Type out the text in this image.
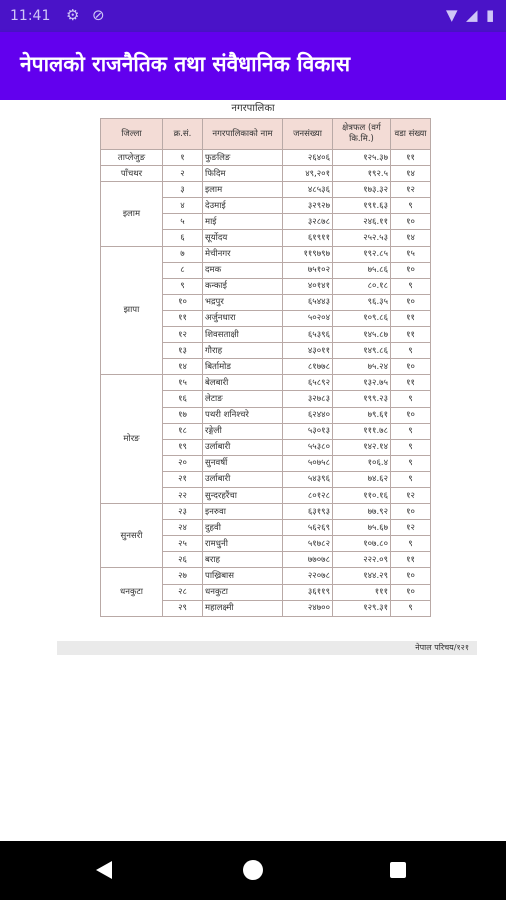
11:41 ⚙ ⊘	▼ ◢ ▮
नेपालको राजनैतिक तथा संवैधानिक विकास
नगरपालिका
जिल्ला	क्र.सं.	नगरपालिकाको नाम	जनसंख्या	क्षेत्रफल (वर्ग कि.मि.)	वडा संख्या
ताप्लेजुङ	१	फुङलिङ	२६४०६	१२५.३७	११
पाँचथर	२	फिदिम	४९,२०१	१९२.५	१४
इलाम	३	इलाम	४८५३६	१७३.३२	१२
	४	देउमाई	३२९२७	१९१.६३	९
	५	माई	३२८७८	२४६.११	१०
	६	सूर्योदय	६१९११	२५२.५३	१४
झापा	७	मेचीनगर	११९७९७	१९२.८५	१५
	८	दमक	७५१०२	७५.८६	१०
	९	कन्काई	४०१४१	८०.१८	९
	१०	भद्रपुर	६५४४३	९६.३५	१०
	११	अर्जुनधारा	५०२०४	१०९.८६	११
	१२	शिवसताक्षी	६५३९६	१४५.८७	११
	१३	गौराह	४३०११	१४९.८६	९
	१४	बिर्तामोड	८१७७८	७५.२४	१०
मोरङ	१५	बेलबारी	६५८९२	१३२.७५	११
	१६	लेटाङ	३२७८३	१९९.२३	९
	१७	पथरी शनिश्चरे	६२४४०	७९.६१	१०
	१८	रङ्गेली	५३०१३	१११.७८	९
	१९	उर्लाबारी	५५३८०	१४२.१४	९
	२०	सुनवर्षी	५०७५८	१०६.४	९
	२१	उर्लाबारी	५४३९६	७४.६२	९
	२२	सुन्दरहरैंचा	८०१२८	११०.१६	१२
सुनसरी	२३	इनरुवा	६३१९३	७७.९२	१०
	२४	दुहवी	५६२६९	७५.६७	१२
	२५	रामधुनी	५१७८२	१०७.८०	९
	२६	बराह	७७०७८	२२२.०९	११
धनकुटा	२७	पाख्रिबास	२२०७८	१४४.२९	१०
	२८	धनकुटा	३६११९	१११	१०
	२९	महालक्ष्मी	२४७००	१२९.३१	९
नेपाल परिचय/१२१
